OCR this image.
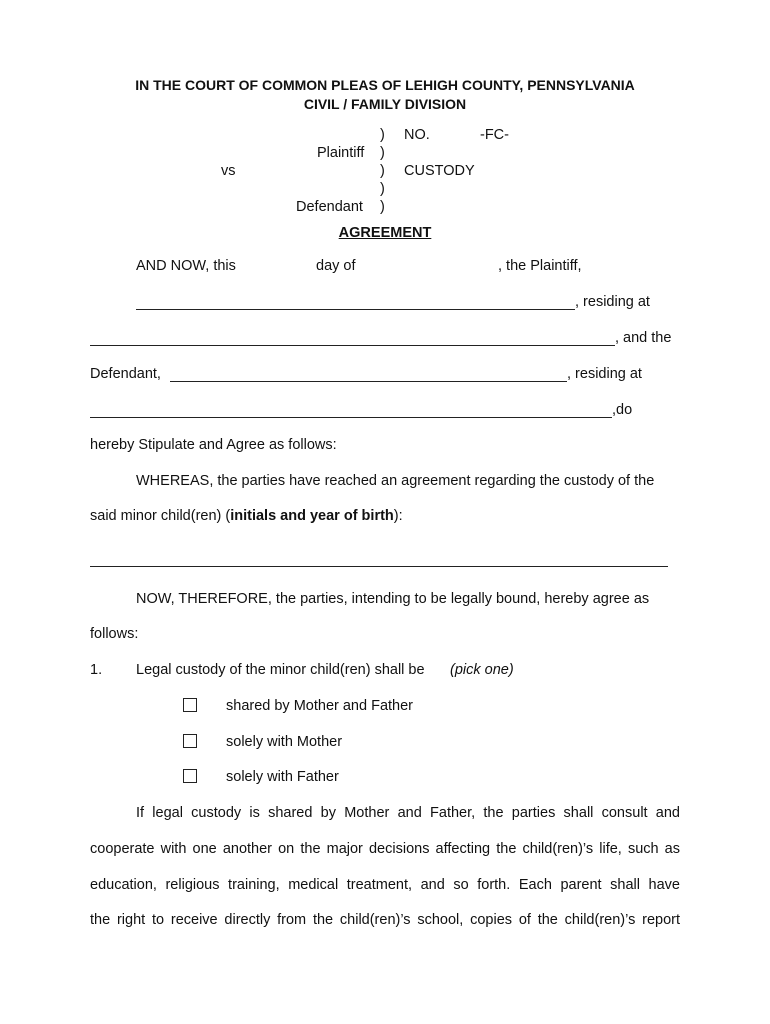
IN THE COURT OF COMMON PLEAS OF LEHIGH COUNTY, PENNSYLVANIA
CIVIL / FAMILY DIVISION
) NO.	-FC-
Plaintiff )
vs	) CUSTODY
)
Defendant )
AGREEMENT
AND NOW, this	day of	, the Plaintiff,
, residing at
, and the
Defendant,	, residing at
,do
hereby Stipulate and Agree as follows:
WHEREAS, the parties have reached an agreement regarding the custody of the
said minor child(ren) (initials and year of birth):
NOW, THEREFORE, the parties, intending to be legally bound, hereby agree as
follows:
1. Legal custody of the minor child(ren) shall be (pick one)
shared by Mother and Father
solely with Mother
solely with Father
If legal custody is shared by Mother and Father, the parties shall consult and
cooperate with one another on the major decisions affecting the child(ren)’s life, such as
education, religious training, medical treatment, and so forth. Each parent shall have
the right to receive directly from the child(ren)’s school, copies of the child(ren)’s report
